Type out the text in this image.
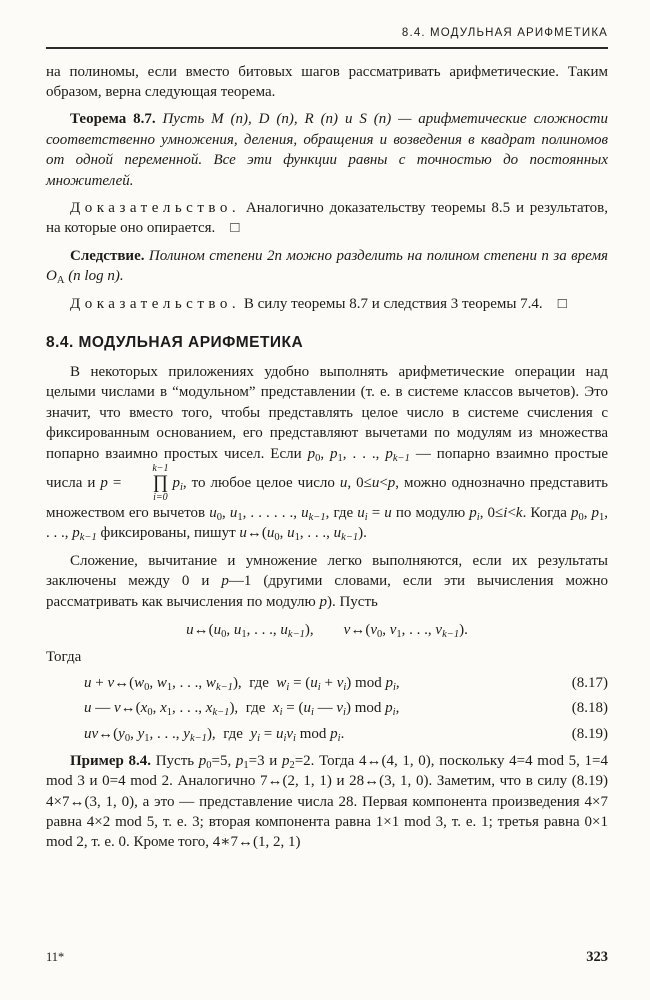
8.4. МОДУЛЬНАЯ АРИФМЕТИКА

на полиномы, если вместо битовых шагов рассматривать арифметические. Таким образом, верна следующая теорема.

Теорема 8.7. Пусть M (n), D (n), R (n) и S (n) — арифметические сложности соответственно умножения, деления, обращения и возведения в квадрат полиномов от одной переменной. Все эти функции равны с точностью до постоянных множителей.

Доказательство. Аналогично доказательству теоремы 8.5 и результатов, на которые оно опирается. □

Следствие. Полином степени 2n можно разделить на полином степени n за время OA (n log n).

Доказательство. В силу теоремы 8.7 и следствия 3 теоремы 7.4. □

8.4. МОДУЛЬНАЯ АРИФМЕТИКА

В некоторых приложениях удобно выполнять арифметические операции над целыми числами в “модульном” представлении (т. е. в системе классов вычетов). Это значит, что вместо того, чтобы представлять целое число в системе счисления с фиксированным основанием, его представляют вычетами по модулям из множества попарно взаимно простых чисел. Если p0, p1, . . ., pk−1 — попарно взаимно простые числа и p =
k−1
∏
i=0
pi, то любое целое число u, 0≤u<p, можно однозначно представить множеством его вычетов u0, u1, . . . . . ., uk−1, где ui = u по модулю pi, 0≤i<k. Когда p0, p1, . . ., pk−1 фиксированы, пишут u↔(u0, u1, . . ., uk−1).

Сложение, вычитание и умножение легко выполняются, если их результаты заключены между 0 и p—1 (другими словами, если эти вычисления можно рассматривать как вычисления по модулю p). Пусть

u↔(u0, u1, . . ., uk−1),   v↔(v0, v1, . . ., vk−1).

Тогда

u + v↔(w0, w1, . . ., wk−1), где wi = (ui + vi) mod pi,	(8.17)
u — v↔(x0, x1, . . ., xk−1), где xi = (ui — vi) mod pi,	(8.18)
uv↔(y0, y1, . . ., yk−1), где yi = uivi mod pi.	(8.19)

Пример 8.4. Пусть p0=5, p1=3 и p2=2. Тогда 4↔(4, 1, 0), поскольку 4=4 mod 5, 1=4 mod 3 и 0=4 mod 2. Аналогично 7↔(2, 1, 1) и 28↔(3, 1, 0). Заметим, что в силу (8.19) 4×7↔(3, 1, 0), а это — представление числа 28. Первая компонента произведения 4×7 равна 4×2 mod 5, т. е. 3; вторая компонента равна 1×1 mod 3, т. е. 1; третья равна 0×1 mod 2, т. е. 0. Кроме того, 4∗7↔(1, 2, 1)

11*	323
